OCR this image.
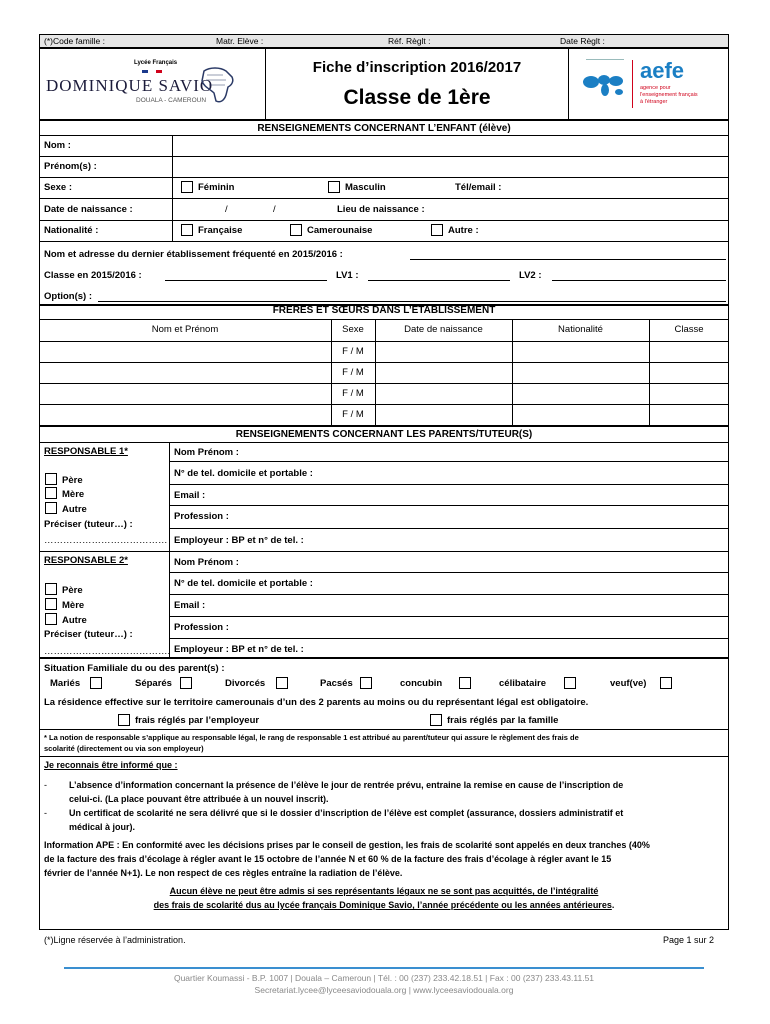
(*)Code famille :	Matr. Elève :	Réf. Règlt :	Date Règlt :
Lycée Français
DOMINIQUE SAVIO
DOUALA - CAMEROUN
Fiche d’inscription 2016/2017
Classe de 1ère
aefe
agence pour
l'enseignement français
à l'étranger
RENSEIGNEMENTS CONCERNANT L’ENFANT (élève)
Nom :
Prénom(s) :
Sexe :	Féminin	Masculin	Tél/email :
Date de naissance :	/	/	Lieu de naissance :
Nationalité :	Française	Camerounaise	Autre :
Nom et adresse du dernier établissement fréquenté en 2015/2016 :
Classe en 2015/2016 :	LV1 :	LV2 :
Option(s) :
FRERES ET SŒURS DANS L’ETABLISSEMENT
Nom et Prénom	Sexe	Date de naissance	Nationalité	Classe
F / M
F / M
F / M
F / M
RENSEIGNEMENTS CONCERNANT LES PARENTS/TUTEUR(S)
RESPONSABLE 1*
Père
Mère
Autre
Préciser (tuteur…) :
…………………………………
Nom Prénom :
N° de tel. domicile et portable :
Email :
Profession :
Employeur : BP et n° de tel. :
RESPONSABLE 2*
Père
Mère
Autre
Préciser (tuteur…) :
………………………………….
Nom Prénom :
N° de tel. domicile et portable :
Email :
Profession :
Employeur : BP et n° de tel. :
Situation Familiale du ou des parent(s) :
Mariés	Séparés	Divorcés	Pacsés	concubin	célibataire	veuf(ve)
La résidence effective sur le territoire camerounais d’un des 2 parents au moins ou du représentant légal est obligatoire.
frais réglés par l’employeur	frais réglés par la famille
* La notion de responsable s’applique au responsable légal, le rang de responsable 1 est attribué au parent/tuteur qui assure le règlement des frais de
scolarité (directement ou via son employeur)
Je reconnais être informé que :
- L’absence d’information concernant la présence de l’élève le jour de rentrée prévu, entraine la remise en cause de l’inscription de
celui-ci. (La place pouvant être attribuée à un nouvel inscrit).
- Un certificat de scolarité ne sera délivré que si le dossier d’inscription de l’élève est complet (assurance, dossiers administratif et
médical à jour).
Information APE : En conformité avec les décisions prises par le conseil de gestion, les frais de scolarité sont appelés en deux tranches (40%
de la facture des frais d’écolage à régler avant le 15 octobre de l’année N et 60 % de la facture des frais d’écolage à régler avant le 15
février de l’année N+1). Le non respect de ces règles entraîne la radiation de l’élève.
Aucun élève ne peut être admis si ses représentants légaux ne se sont pas acquittés, de l’intégralité
des frais de scolarité dus au lycée français Dominique Savio, l’année précédente ou les années antérieures.
(*)Ligne réservée à l’administration.	Page 1 sur 2
Quartier Koumassi - B.P. 1007 | Douala – Cameroun | Tél. : 00 (237) 233.42.18.51 | Fax : 00 (237) 233.43.11.51
Secretariat.lycee@lyceesaviodouala.org | www.lyceesaviodouala.org
